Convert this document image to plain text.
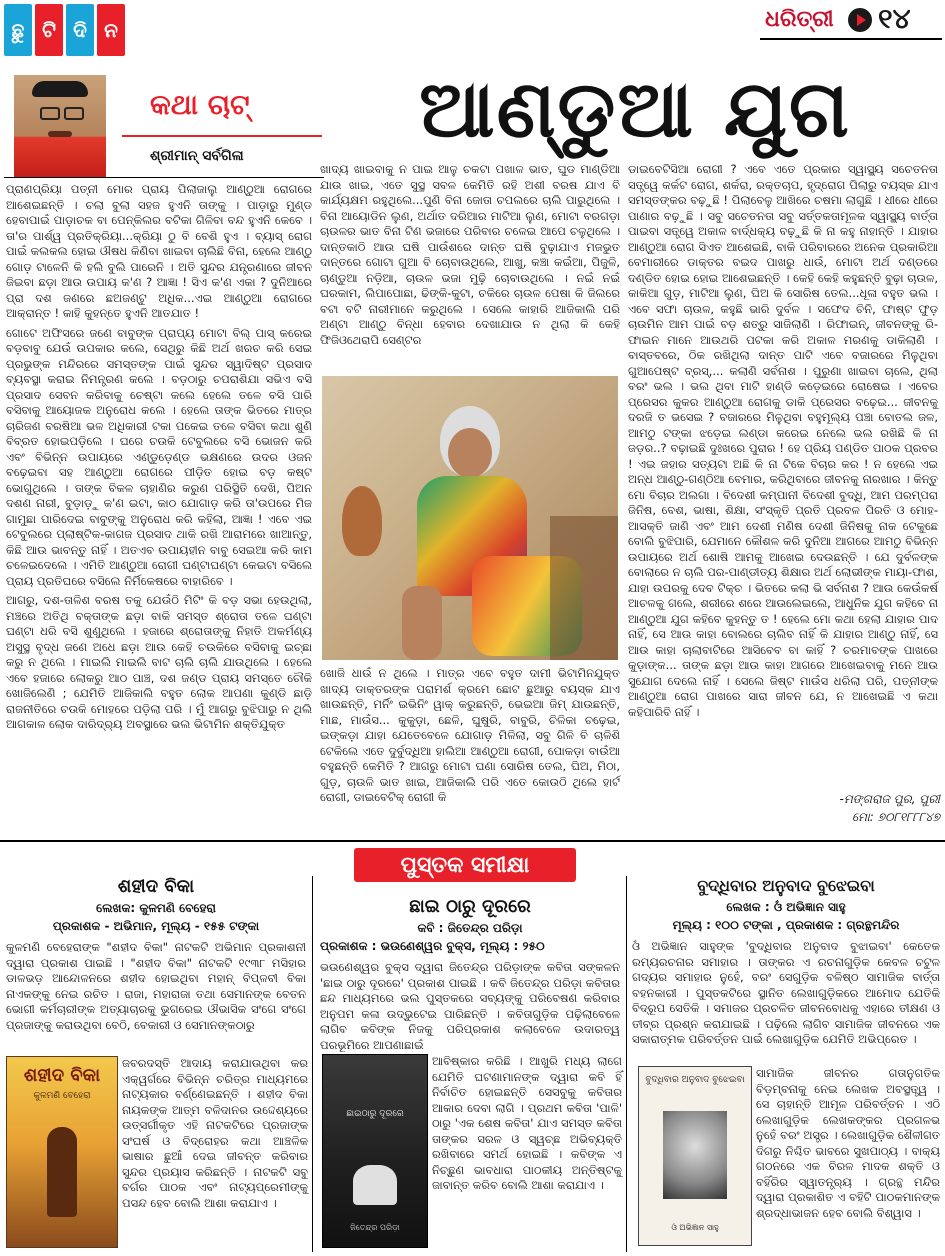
ଛୁ ଟି ଦି ନ	ଧରିତ୍ରୀ	୧୪
କଥା ଚାଟ୍
ଶ୍ରୀମାନ୍ ସର୍ବଗିଳା
ଆଣ୍ଡୁଆ ଯୁଗ

ପ୍ରାଣପ୍ରିୟା ପତ୍ନୀ ମୋର ପ୍ରାୟ ପିଲାଜାଲୁ ଆଣ୍ଠୁଆ ରୋଗରେ ଆଶେଇଛନ୍ତି । ଚଲା ବୁଲା ସହଜ ହୁଏନି ତାଙ୍କୁ । ପାଡ଼ାରୁ ମୁଣ୍ଡ ହେବାପାଇଁ ପାଡ଼ାଚକ ବା ପେନ୍‌କିଲର ବଟିକା ଗିଳିବା ବନ୍ଦ ହୁଏନି କେବେ । ତା'ର ପାର୍ଶ୍ୱ ପ୍ରତିକ୍ରିୟା...କ୍ରିୟା ଠୁ ବି ବେଶି ହୁଏ । ବ୍ୟାସ୍ ରୋଗ ପାଇଁ କଲକଲ ହୋଇ ଔଷଧ କିଣିବା ଖାଇବା ଚାଲିଛି ବିନା, ହେଲେ ଆଣ୍ଠୁ ଗୋଡ଼ ଟାଳେନି କି ହଲି ବୁଲି ପାରେନି । ଅତି ସୁନ୍ଦର ଯନ୍ତ୍ରଣାରେ ଜୀବନ ଜିଇବା ଛଡ଼ା ଆଉ ଉପାୟ କ'ଣ ? ଆଜ୍ଞା ! ସିଏ କ'ଣ ଏକା ? ଦୁନିଆରେ ପ୍ରା ଦଶ ଜଣରେ ଛଅଜଣ୍ଟୁ ଅଧିକ...ଏଇ ଆଣ୍ଠୁଆ ରୋଗରେ ଆକ୍ରାନ୍ତ ! କାହି କୁହନ୍ତେ ହୁଏନି ଆତଯାତ !

ଗୋଟେ ଅଫିସରେ ଜଣେ ବାବୁଙ୍କ ପ୍ରାପ୍ୟ ମୋଟା ବିଲ୍ ପାସ୍ କରେଇ ବଡ଼ବାବୁ ଯେଉଁ ଉପକାର କଲେ, ସେଥିରୁ କିଛି ଅର୍ଥ ଖରଚ କରି ସେଇ ପ୍ରଭୁଙ୍କ ମନ୍ଦିରରେ ସମସ୍ତଙ୍କ ପାଇଁ ସୁନ୍ଦର ସ୍ୱାଦିଷ୍ଟ ପ୍ରସାଦ ବ୍ୟବସ୍ଥା କରାଇ ନିମନ୍ତ୍ରଣ କଲେ । ବଡ଼ଠାରୁ ଚପରାଶିଯା ସଭିଏ ବସି ପ୍ରସାଦ ସେବନ କରିବାକୁ ଚେଷ୍ଟା କଲେ ହେଲେ ତଳେ ବସି ପାରି ବସିବାକୁ ଆୟୋଜକ ଅନୁରୋଧ କଲେ । ହେଲେ ତାଙ୍କ ଭିତରେ ମାତ୍ର ଚାରିଜଣ ବରଷିଆ ଭଳ ଅଧିକାରୀ ଟକା ପକେଇ ତଳେ ବସିବା କଥା ଶୁଣି ବିବ୍ରତ ହୋଇପଡ଼ିଲେ । ଘରେ ଚଉକି ଟେବୁଲରେ ବସି ଭୋଜନ କରି ଏବଂ ବିଭିନ୍ନ ଉପାୟରେ ଏଣ୍ଡୁଡ଼େଣ୍ଡ ଭକ୍ଷଣରେ ଉଦର ଓଜନ ବଢ଼େଇବା ସହ ଆଣ୍ଠୁଆ ରୋଗରେ ପୀଡ଼ିତ ହୋଇ ବଡ଼ କଷ୍ଟ ଭୋଗୁଥିଲେ । ତାଙ୍କ ବିକଳ ଚାହାଣିର କରୁଣ ପରିସ୍ଥିତି ଦେଖି, ପିଅନ ଦଶଣ ନାରୀ, ବୁଡ଼ାଡ଼ୁ କ'ଣ ଇଟା, କାଠ ଯୋଗାଡ଼ କରି ତା'ଉପରେ ମିଜ ଗାମୁଛା ପାରିଦେଇ ବାବୁଙ୍କୁ ଅନୁରୋଧ କରି କହିଲା, ଆଜ୍ଞା ! ଏବେ ଏଇ ଟେବୁଲରେ ପ୍ଲାଷ୍ଟିକ-କାଗଜ ପ୍ରସାଦ ଥାକି ରଖି ଆରାମରେ ଖାଆନ୍ତୁ, କିଛି ଆଉ ଭାବନ୍ତୁ ନାହିଁ । ଅତଏବ ଉପାୟହୀନ ବାବୁ ସେଇଆ କରି କାମ ଚଳେଇଦେଲେ । ଏମିତି ଆଣ୍ଠୁଆ ରୋଗୀ ଘଣ୍ଟାଘଣ୍ଟା କେଇଟା ବସିଲେ ପ୍ରାୟ ପ୍ରତିଘରେ ବସିଲେ ନିର୍ମିକେଷରେ ବାହାରିବେ ।

ଆଗରୁ, ଦଶ-ତାଳିଶ ବରଷ ତକୁ ଯେଉଁଠି ମିଟିଂ କି ବଡ଼ ସଭା ହେଉଥିଲା, ମଞ୍ଚରେ ଅତିଥି ବକ୍ତାଙ୍କ ଛଡ଼ା ବାକି ସମସ୍ତ ଶ୍ରୋତା ତଳେ ଘଣ୍ଟା ଘଣ୍ଟା ଧରି ବସି ଶୁଣୁଥିଲେ । ହଜାରେ ଶ୍ରୋତାଙ୍କୁ ନିହାତି ଅକର୍ମଣ୍ୟ ଅସୁସ୍ଥ ବୃଦ୍ଧ ଜଣେ ଅଧେ ଛଡ଼ା ଆଉ କେହି ଚଉକିରେ ବସିବାକୁ ଇଚ୍ଛା କରୁ ନ ଥିଲେ । ମାଇଲି ମାଇଲି ବାଟ ଚାଲି ଚାଲି ଯାଉଥିଲେ । ହେଲେ ଏବେ ହଜାରେ ଲୋକରୁ ଆଠ ପାଞ୍ଚ, ଦଶ ଜଣ୍ଡ ପ୍ରାୟ ସମସ୍ତେ ଚୌକି ଖୋଜିଲେଣି ; ଯେମିତି ଆଜିକାଲି ବହୁତ ଲୋକ ଆପଣା କୁଣ୍ଡି ଛାଡ଼ି ରାଜନୀତିରେ ଚଉକି ମୋହରେ ପଡ଼ିଲା ପରି । ମୁଁ ଆଗରୁ ବୁଝିପାରୁ ନ ଥିଲି ଆଗକାଳ ଲୋକ ଦାରିଦ୍ର୍ୟ ଅବସ୍ଥାରେ ଭଲ ଭିଟାମିନ ଶକ୍ତିଯୁକ୍ତ

ଖାଦ୍ୟ ଖାଇବାକୁ ନ ପାଇ ଆଳୁ ଚକଟା ପଖାଳ ଭାତ, ଘୁଡ ମାଣ୍ଡିଆ ଯାଉ ଖାଇ, ଏତେ ସୁସ୍ଥ ସବଳ କେମିତି ରହି ଅଶୀ ବରଷ ଯାଏ ବି କାର୍ଯ୍ୟକ୍ଷମ ରହୁଥିଲେ...ପୁଣି ବିନା ଜୋତା ଚପଲରେ ଚାଲି ପାରୁଥିଲେ । ବିନା ଆୟୋଡିନ ଲୁଣ, ଅର୍ଥାତ ଦରିଆର ମାଟିଆ ଲୁଣ, ମୋଟା ବରଗଡ଼ା ଚାଉଳର ଭାତ ବିନା ଟିଣ ଭଜାରେ ପରିବାର ଚଳେଇ ଆପେ ଚଳୁଥିଲେ । ଦାନ୍ତକାଠି ଆଉ ଘଷି ପାଉଁଶରେ ଦାନ୍ତ ଘଷି ବୁଢ଼ାଯାଏ ମଜଭୁତ ଦାନ୍ତରେ ଗୋଟା ଗୁଆ ବି ଚୋବାଉଥିଲେ, ଆଖୁ, କଞ୍ଚା କଇଁଆ, ପିଜୁଳି, ଚାଣ୍ଡୁଆ ନଡ଼ିଆ, ଚାଉଳ ଭଜା ମୁଢ଼ି ଚୋବାଉଥିଲେ । ନଇଁ ନଇଁ ଘରକାମ, ଲିପାପୋଛା, ଢିଙ୍କି-କୁଟା, ଚକିରେ ଚାଉଳ ପେଷା କି ଜିଲରେ ବଟା ବଟି ନାରୀମାନେ କରୁଥିଲେ । ସେଲେ କାହାରି ଆଜିକାଲି ପରି ଅଣ୍ଟା ଆଣ୍ଠୁ ବିନ୍ଧା ହେବାର ଦେଖାଯାଉ ନ ଥିଲା କି କେହି ଫିଜିଓଥେରାପି ସେଣ୍ଟର

ଖୋଜି ଧାଉଁ ନ ଥିଲେ । ମାତ୍ର ଏବେ ବହୁତ ଦାମୀ ଭିଟାମିନଯୁକ୍ତ ଖାଦ୍ୟ ଡାକ୍ତରଙ୍କ ପରାମର୍ଶ କ୍ରମେ ଛୋଟ ଛୁଆରୁ ବୟସ୍କ ଯାଏ ଖାଉଛନ୍ତି, ମର୍ନିଂ ଇଭିନିଂ ୱାକ୍ କରୁଛନ୍ତି, ଭେଇଆ ଜିମ୍ ଯାଉଛନ୍ତି, ମାଛ, ମାଉଁସ... କୁକୁଡ଼ା, ଛେଳି, ଘୁଷୁରି, ବାବୁରି, ଚିଳିକା ଚଢ଼େଇ, ଇଙ୍କଡ଼ା ଯାହା ଯେତେବେଳେ ଯୋଗାଡ଼ ମିଳିଲା, ସବୁ ଗିଳି ବି ଚାଳିଶି ଟେକିଲେ ଏତେ ଦୁର୍ବୁଦ୍ଧିଆ ହାଲିଆ ଆଣ୍ଠୁଆ ରୋଗୀ, ପୋକଡ଼ା ବାଉଁଆ ବହୁଛନ୍ତି କେମିତି ? ଆଗରୁ ମୋଟା ଘଣା ସୋରିଷ ତେଲ, ଘିଅ, ମିଠା, ଗୁଡ଼, ଚାଉଳି ଭାତ ଖାଇ, ଆଜିକାଲି ପରି ଏତେ କୋଉଠି ଥିଲେ ହାର୍ଟ ରୋଗୀ, ଡାଇବେଟିକ୍ ରୋଗୀ କି

ଡାଇବେଟିସିଆ ରୋଗୀ ? ଏବେ ଏତେ ପ୍ରକାର ସ୍ୱାସ୍ଥ୍ୟ ସଚେତନତା ସତ୍ତ୍ୱେ କର୍କଟ ରୋଗ, ଶର୍କରା, ରକ୍ତଚାପ, ହୃଦ୍‌ରୋଗ ପିଲାରୁ ବୟସ୍କ ଯାଏ ସମସ୍ତଙ୍କର ବଢ଼ୁଛି ! ପିଲାବେଳୁ ଆଖିରେ ଚଷମା ଲାଗୁଛି । ଧୀରେ ଧୀରେ ପାଣାର ବଢ଼ୁଛି । ସବୁ ସଚେତନତା ସବୁ ସର୍ତ୍ତକତାମୂଳକ ସ୍ୱାସ୍ଥ୍ୟ ବାର୍ତ୍ତା ପାଇବା ସତ୍ତ୍ୱେ ଅକାଳ ବାର୍ଦ୍ଧକ୍ୟ ବଢ଼ୁଛି କି ନା କହୁ ନାହାନ୍ତି । ଯାହାର ଆଣ୍ଠୁଆ ରୋଗ ସିଏତ ଆଶେଇଛି, ବାକି ପରିବାରରେ ଅନେକ ପ୍ରକାରିଆ ବେମାରୀରେ ଡାକ୍ତର ବଇଦ ପାଖରୁ ଧାଉଁ, ମୋଟା ଅର୍ଥ ଦଣ୍ଡରେ ଦଣ୍ଡିତ ହୋଇ ହୋଇ ଆଶେଇଛନ୍ତି । କେହି କେହି କହୁଛନ୍ତି ବୁଢ଼ା ଚାଉଳ, କାକିଆ ଗୁଡ଼, ମାଟିଆ ଲୁଣ, ଘିଅ କି ସୋରିଷ ତେଲ...ଧୂଳା ବହୁତ ଭଲ । ଏବେ ସଫା ଚାଉଳ, କହୁଛି ଭାରି ଦୁର୍ବଳ । ସଫେଦ ଚିନି, ଫାଷ୍ଟ ଫୁଡ଼ ଚାଉମିନ ଆମ ପାଇଁ ବଡ଼ ଶତ୍ରୁ ସାଜିଲାଣି । ରିଫାଇନ୍, ଜୀବନଙ୍କୁ ରି-ଫାଇନ ମାନେ ଆଉଥରି ପଟକା କରି ଅକାଳ ମରଣକୁ ଡାକିଲାଣି । ବାସ୍ତବରେ, ଠିକ ରଖିଥିଲା ଦାନ୍ତ ପାଟି ଏବେ ବଜାରରେ ମିଳୁଥିବା ଗୁଆପେଷ୍ଟ ବ୍ରସ୍,... କଲାଣି ସର୍ବନାଶ । ପୁରୁଣା ଖାଇବା ଚାଲେ, ଥିଲା ବରଂ ଭଲ । ଭଲ ଥିବା ମାଟି ହାଣ୍ଡି କଡ଼େଇରେ ରୋଷେଇ । ଏବେର ପ୍ରେସର କୁକର ଆଣ୍ଠୁଆ ରୋଗକୁ ଡାକି ପ୍ରେସର ବଢ଼େଇ... ଜୀବନକୁ ଦରଜି ତ ଭସେଇ ? ବଜାରରେ ମିଳୁଥିବା ବହୁମୂଲ୍ୟ ପଞ୍ଚା ବୋତଲ ଜଳ, ଆମଠୁ ଟଙ୍କା ଝଡ଼େଇ ଲଣ୍ଡା କରେଇ ନେଲେ ଭଲ ରଖିଛି କି ନା ଜଡ଼ର..? ବଢ଼ାଇଛି ଦୁଃଖରେ ପୁରାର ! ହେ ପ୍ରିୟ ପଣ୍ଡିତ ପାଠକ ପ୍ରବର ! ଏଇ ଜହାର ସତ୍ୟଟା ଅଛି କି ନା ଟିକେ ବିଚାର କର ! ନ ହେଲେ ଏଇ ଅନ୍ଧ ଆଣ୍ଠୁ-ଗଣ୍ଠିଆ ବେମାର, କରିଥିବାରେ ଜୀବନକୁ ନାରଖାର । କିନ୍ତୁ ମୋ ବିଚାର ଅଲଗା । ବିଦେଶୀ କମ୍ପାନୀ ବିଦେଶୀ ବୁଦ୍ଧି, ଆମ ପରମ୍ପରା ଜିନିଷ, ବେଶ, ଭାଷା, ଶିକ୍ଷା, ସଂସ୍କୃତି ପ୍ରତି ପ୍ରବଳ ପିରତି ଓ ମୋହ-ଆସକ୍ତି ଜାଣି ଏବଂ ଆମ ଦେଶୀ ମଣିଷ ଦେଶୀ ଜିନିଷକୁ ନାକ ଟେକୁଛେ ବୋଲି ବୁଝିପାରି, ଯେମାନେ କୌଶଳ କରି ଦୁନିଆ ଆଗରେ ଆମଠୁ ବିଭିନ୍ନ ଉପାୟରେ ଅର୍ଥ ଶୋଷି ଆମକୁ ଆଖେଇ ଦେଉଛନ୍ତି । ଯେ ଦୁର୍ବଳଙ୍କ ବୋଲାରେ ନ ଚାଲି ପର-ପାଣ୍ଡୀତ୍ୟ ଶିକ୍ଷାର ଅର୍ଥ ଲୋଭୀଙ୍କ ମାୟା-ଫାଶ, ଯାହା ଉପରକୁ ଦେବ ଟିକ୍‌ଚ । ଭିତରେ କଲା ଭି ସର୍ବନାଶ ? ଆଉ କେଉଁକର୍ଷ ଆଚଳକୁ ଗଲେ, ଶରୀରେ ଶରେ ଆଉଲେଇଲେ, ଆଧୁନିକ ଯୁଗ କହିବେ ନା ଆଣ୍ଠୁଆ ଯୁଗ କହିବେ କୁହନ୍ତୁ ତ ! ହେଲେ ମୋ କଥା ହେଲା ଯାହାର ପାଦ ନାହିଁ, ସେ ଆଉ କାହା ବୋଲରେ ଚାଲିବ ନାହିଁ କି ଯାହାର ଆଣ୍ଠୁ ନାହିଁ, ସେ ଆଉ କାହା ଚାଲାବାଟିରେ ଆସିବେବ ବା କାହିଁ ? ଚରମାବଙ୍କ ପାଖରେ କୁଡ଼ାଙ୍କ... ତାଙ୍କ ଛଡ଼ା ଆଉ କାହା ଆଗରେ ଆଖେଇବାକୁ ମନେ ଆଉ ସୁଯୋଗ ଦେଲେ ନାହିଁ । ସେଲେ ଜିଷ୍ଟ ମାଉଁସ ଧରିଲା ପରି, ପତ୍ନୀଙ୍କ ଆଣ୍ଠୁଆ ରୋଗ ପାଖରେ ସାରା ଜୀବନ ଯେ, ନ ଆଖେଇଛି ଏ କଥା କହିପାରିବି ନାହିଁ ।

-ମଙ୍ଗରାଜ ପୁର, ପୁରୀ
ମୋ: ୭୦୮୧୮୮୮୪୭
ପୁସ୍ତକ ସମୀକ୍ଷା
ଶହୀଦ ବିକା
ଲେଖକ: କୁଳମଣି ବେହେରା
ପ୍ରକାଶକ - ଅଭିମାନ, ମୂଲ୍ୟ - ୧୫୫ ଟଙ୍କା
କୁଳମଣି ବେହେରାଙ୍କ "ଶହୀଦ ବିକା" ନାଟକଟି ଅଭିମାନ ପ୍ରକାଶନୀ ଦ୍ୱାରା ପ୍ରକାଶ ପାଇଛି । "ଶହୀଦ ବିକା" ନାଟକଟି ୧୯୩୮ ମସିହାର ଡାଳଭଡ଼ ଆନ୍ଦୋଳନରେ ଶହୀଦ ହୋଇଥିବା ମହାନ୍ ବିପ୍ଳବୀ ବିକା ନାଏକଙ୍କୁ ନେଇ ରଚିତ । ରାଜା, ମହାରାଜା ତଥା ସେମାନଙ୍କ ବେତନ ଭୋଗୀ କର୍ମଚାରୀଙ୍କ ଅତ୍ୟାଚାରକୁ ଭୁଗରେଇ ଔଭାସିକ ସଂଗେ ସଂଗେ ପ୍ରଜାଙ୍କୁ କରାଉଥିବା ବେଠି, ବେକାରୀ ଓ ସେମାନଙ୍କଠାରୁ
ଶହୀଦ ବିକା
କୁଳମଣି ବେହେରା
ଜବରଦସ୍ତି ଆଦାୟ କରାଯାଉଥିବା କର ଏକ୍ୱର୍ଗରେ ବିଭିନ୍ନ ଚରିତ୍ର ମାଧ୍ୟମରେ ନାଟ୍ୟକାର ବର୍ଣ୍ଣେଇଛନ୍ତି । ଶହୀଦ ବିକା ନାୟକଙ୍କ ଆତ୍ମ ବଳିଦାନର ଉଦ୍ଦେଶ୍ୟରେ ଉତ୍ସର୍ଗୀକୃତ ଏହି ନାଟକଟିରେ ପ୍ରଜାଙ୍କ ସଂଘର୍ଷ ଓ ବିଦ୍ରୋହର କଥା ଆଞ୍ଚଳିକ ଭାଷାର ଛୁଆଁ ଦେଇ ଜୀବନ୍ତ କରିବାର ସୁନ୍ଦର ପ୍ରୟାସ କରିଛନ୍ତି । ନାଟକଟି ସବୁ ବର୍ଗର ପାଠକ ଏବଂ ନାଟ୍ୟପ୍ରେମୀଙ୍କୁ ପସନ୍ଦ ହେବ ବୋଲି ଆଶା କରାଯାଏ ।
ଛାଇ ଠାରୁ ଦୂରରେ
କବି : ଜିତେନ୍ଦ୍ର ପରିଡ଼ା
ପ୍ରକାଶକ : ଭଉଣେଶ୍ୱର ବୁକ୍ସ, ମୂଲ୍ୟ : ୨୫୦
ଭଉଣେଶ୍ୱର ବୁକ୍ସ ଦ୍ୱାରା ଜିତେନ୍ଦ୍ର ପରିଡ଼ାଙ୍କ କବିତା ସଙ୍କଳନ 'ଛାଇ ଠାରୁ ଦୂରରେ' ପ୍ରକାଶ ପାଇଛି । କବି ଜିତେନ୍ଦ୍ର ପରିଡ଼ା କବିତାର ଛନ୍ଦ ମାଧ୍ୟମରେ ଭଲ ପୁସ୍ତକରେ ସବ୍ୟଙ୍କୁ ପରିବେଷଣ କରିବାର ଅନୁପମ କଳା ଉଦ୍ଭୁଟେଇ ପାରିଛନ୍ତି । କବିତାଗୁଡ଼ିକ ପଢ଼ିଲାବେଳେ ଲାଗିବ କବିଙ୍କ ନିଜକୁ ପରିପ୍ରକାଶ କଲାବେଳେ ଉଦାରତ୍ୱ ପରଭୂମିରେ ଆପଣାଛାଇଁ
ଛାଇଠାରୁ ଦୂରରେ
ଜିତେନ୍ଦ୍ର ପରିଡ଼ା
ଆବିଷ୍କାର କରିଛି । ଆଖୁରି ମଧ୍ୟ ଲାଗେ ଯେମିତି ଘଟଣାମାନଙ୍କ ଦ୍ୱାରା କବି ହିଁ ନିର୍ବାଚିତ ହୋଇଛନ୍ତି ସେସବୁକୁ କବିତାର ଆକାର ଦେବା ଲାଗି । ପ୍ରଥମ କବିତା 'ପାଳି' ଠାରୁ 'ଏକ ଶେଷ କବିତା' ଯାଏ ସମସ୍ତ କବିତା ତାଙ୍କର ସରଳ ଓ ସ୍ୱଚ୍ଛ ଅଭିବ୍ୟକ୍ତି ରଖିବାରେ ସମର୍ଥ ହୋଇଛି । କବିଙ୍କ ଏ ନିଚ୍ଛୁଣ ଭାବଧାରା ପାଠକୀୟ ଅନ୍ତିଷ୍ଟକୁ ଜାବାନ୍ତ କରିବ ବୋଲି ଆଶା କରାଯାଏ ।
ବୁଦ୍ଧିବାର ଅନୁବାଦ ବୁଝେଇବା
ଲେଖକ : ଓଁ ଅଭିଜ୍ଞାନ ସାହୁ
ମୂଲ୍ୟ : ୧୦୦ ଟଙ୍କା , ପ୍ରକାଶକ : ଗ୍ରନ୍ଥମନ୍ଦିର
ଓଁ ଅଭିଜ୍ଞାନ ସାହୁଙ୍କ 'ବୁଦ୍ଧିବାର ଅନୁବାଦ ବୁଝାଇବା' କେତେକ ରମ୍ୟରଚନାର ସମାହାର । ତାଙ୍କର ଏ ରଚନାଗୁଡ଼ିକ କେବଳ ଚଟୁଳ ଗଦ୍ୟର ସମାହାର ନୁହେଁ, ବରଂ ସେଗୁଡ଼ିକ ବଳିଷ୍ଠ ସାମାଜିକ ବାର୍ତ୍ତା ବହନକାରୀ । ପୁସ୍ତକଟିରେ ସ୍ଥାନିତ ଲେଖାଗୁଡ଼ିକରେ ଆମୋଦ ଯେତିକି ବିଦ୍ରୂପ ସେତିକି । ସମାଜର ପ୍ରଚଳିତ ଜୀବନବୋଧକୁ ଏହାରେ ତୀକ୍ଷଣ ଓ ତୀବ୍ର ପ୍ରଶ୍ନ କରାଯାଇଛି । ପଢ଼ିଲେ ଲାଗିବ ସାମାଜିକ ଜୀବନରେ ଏକ ସକାରାତ୍ମକ ପରିବର୍ତ୍ତନ ପାଇଁ ଲେଖାଗୁଡ଼ିକ ଯେମିତି ଅଭିପ୍ରେତ ।
ବୁଦ୍ଧିବାର ଅନୁବାଦ ବୁଝେଇବା
ଓଁ ଅଭିଜ୍ଞାନ ସାହୁ
ସାମାଜିକ ଜୀବନର ଗତାନୁଗତିକ ବିଡ଼ମ୍ବନାକୁ ନେଇ ଲେଖକ ଅବସ୍ଥତ୍ତ୍ୱ । ସେ ଚାହାନ୍ତି ଆମୂଳ ପରିବର୍ତ୍ତନ । ଏଠି ଲେଖାଗୁଡ଼ିକ ଲେଖକଙ୍କର ପ୍ରଗଳଭ ନୁହେଁ ବରଂ ଅସ୍ତ୍ର । ଲେଖାଗୁଡ଼ିକ ଶୈଳୀଗତ ଦିଗରୁ ନିଶ୍ଚିତ ଭାବରେ ସୁଖପାଠ୍ୟ । ବାକ୍ୟ ଗଠନରେ ଏକ ବିରଳ ମାଦକ ଶକ୍ତି ଓ ବହିଁରିର ସ୍ୱାତନ୍ତ୍ର୍ୟ । ଗ୍ରନ୍ଥ ମନ୍ଦିର ଦ୍ୱାରା ପ୍ରକାଶିତ ଏ ବହିଟି ପାଠକମାନଙ୍କ ଶ୍ରଦ୍ଧାଭାଜନ ହେବ ବୋଲି ବିଶ୍ୱାସ ।
